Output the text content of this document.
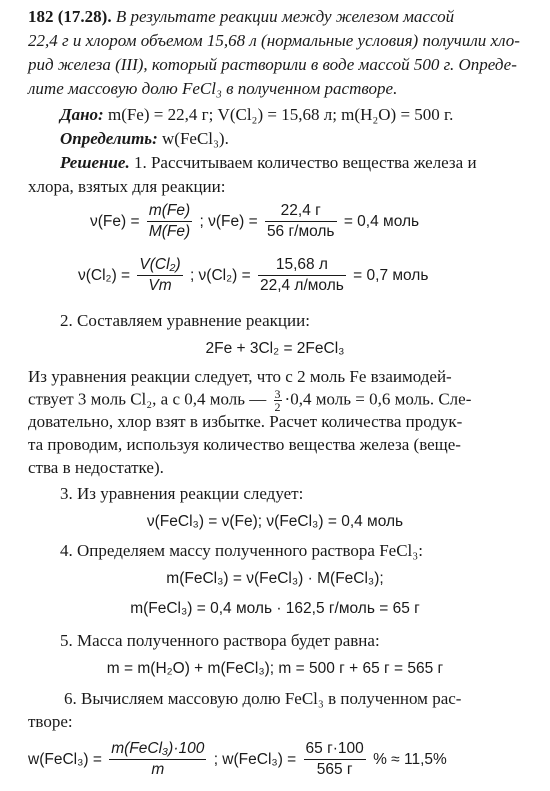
182 (17.28). В результате реакции между железом массой
22,4 г и хлором объемом 15,68 л (нормальные условия) получили хло-
рид железа (III), который растворили в воде массой 500 г. Опреде-
лите массовую долю FeCl₃ в полученном растворе.
Дано: m(Fe) = 22,4 г; V(Cl₂) = 15,68 л; m(H₂O) = 500 г.
Определить: w(FeCl₃).
Решение. 1. Рассчитываем количество вещества железа и
хлора, взятых для реакции:
$\nu(Fe) = \frac{m(Fe)}{M(Fe)}$ ; ν(Fe) =
22,4 г
56 г/моль
= 0,4 моль
$\nu(Cl_2) = \frac{\text{V(Cl₂)}}{Vm}$ ; ν(Cl₂) =
15,68 л
22,4 л/моль
= 0,7 моль
2. Составляем уравнение реакции:
2Fe + 3Cl₂ = 2FeCl₃
Из уравнения реакции следует, что с 2 моль Fe взаимодей-
ствует 3 моль Cl₂, а с 0,4 моль — $\frac{3}{2} \cdot 0,4$ моль = 0,6 моль. Сле-
довательно, хлор взят в избытке. Расчет количества продук-
та проводим, используя количество вещества железа (веще-
ства в недостатке).
3. Из уравнения реакции следует:
ν(FeCl₃) = ν(Fe); ν(FeCl₃) = 0,4 моль
4. Определяем массу полученного раствора FeCl₃:
m(FeCl₃) = ν(FeCl₃) · M(FeCl₃);
m(FeCl₃) = 0,4 моль · 162,5 г/моль = 65 г
5. Масса полученного раствора будет равна:
m = m(H₂O) + m(FeCl₃); m = 500 г + 65 г = 565 г
6. Вычисляем массовую долю FeCl₃ в полученном рас-
творе:
w(FeCl₃) =
m(FeCl₃)·100
m
; w(FeCl₃) =
65 г·100
565 г
% ≈ 11,5%
